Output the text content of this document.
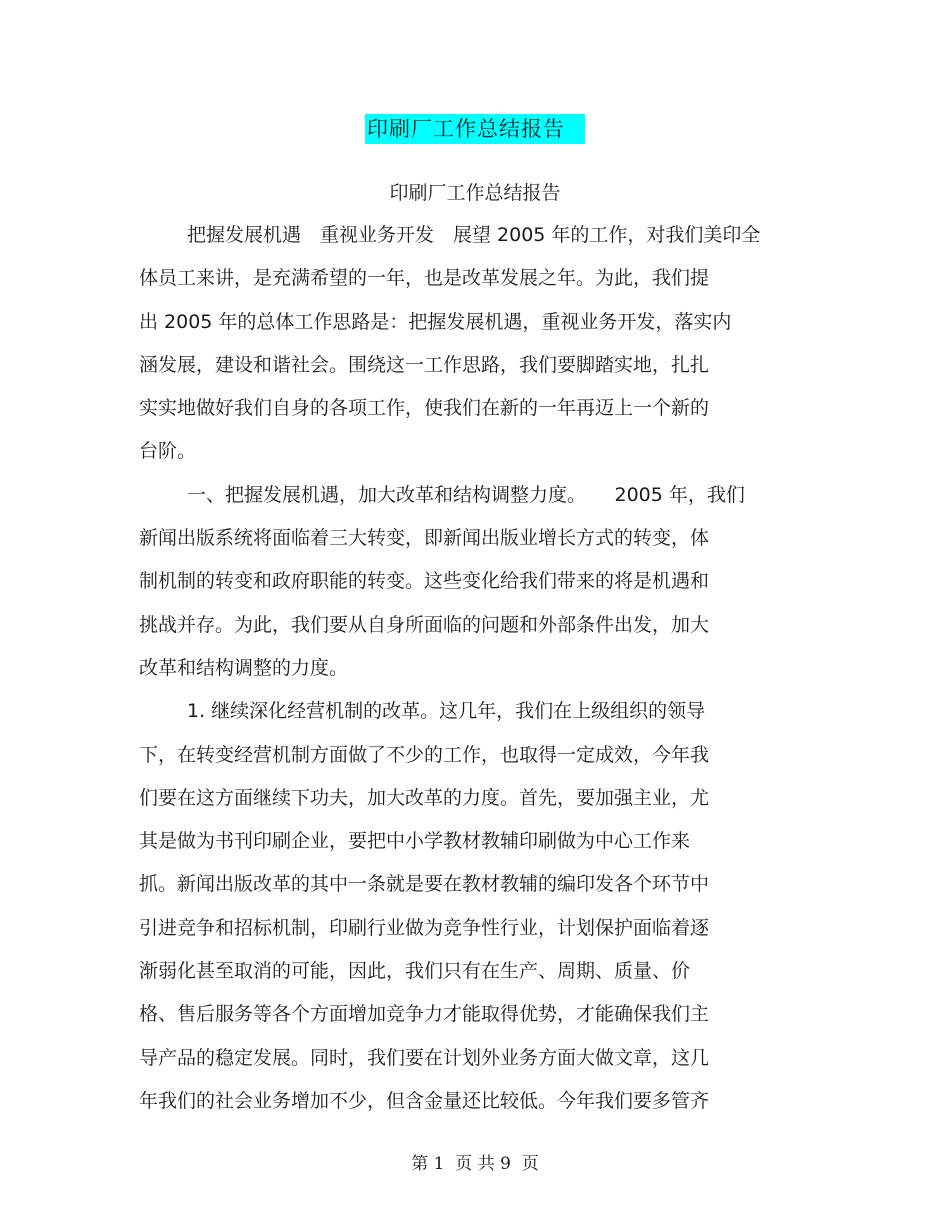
印刷厂工作总结报告
印刷厂工作总结报告
把握发展机遇　重视业务开发　展望 2005 年的工作，对我们美印全
体员工来讲，是充满希望的一年，也是改革发展之年。为此，我们提
出 2005 年的总体工作思路是：把握发展机遇，重视业务开发，落实内
涵发展，建设和谐社会。围绕这一工作思路，我们要脚踏实地，扎扎
实实地做好我们自身的各项工作，使我们在新的一年再迈上一个新的
台阶。
一、把握发展机遇，加大改革和结构调整力度。　　2005 年，我们
新闻出版系统将面临着三大转变，即新闻出版业增长方式的转变，体
制机制的转变和政府职能的转变。这些变化给我们带来的将是机遇和
挑战并存。为此，我们要从自身所面临的问题和外部条件出发，加大
改革和结构调整的力度。
1. 继续深化经营机制的改革。这几年，我们在上级组织的领导
下，在转变经营机制方面做了不少的工作，也取得一定成效，今年我
们要在这方面继续下功夫，加大改革的力度。首先，要加强主业，尤
其是做为书刊印刷企业，要把中小学教材教辅印刷做为中心工作来
抓。新闻出版改革的其中一条就是要在教材教辅的编印发各个环节中
引进竞争和招标机制，印刷行业做为竞争性行业，计划保护面临着逐
渐弱化甚至取消的可能，因此，我们只有在生产、周期、质量、价
格、售后服务等各个方面增加竞争力才能取得优势，才能确保我们主
导产品的稳定发展。同时，我们要在计划外业务方面大做文章，这几
年我们的社会业务增加不少，但含金量还比较低。今年我们要多管齐
第 1  页 共 9  页
